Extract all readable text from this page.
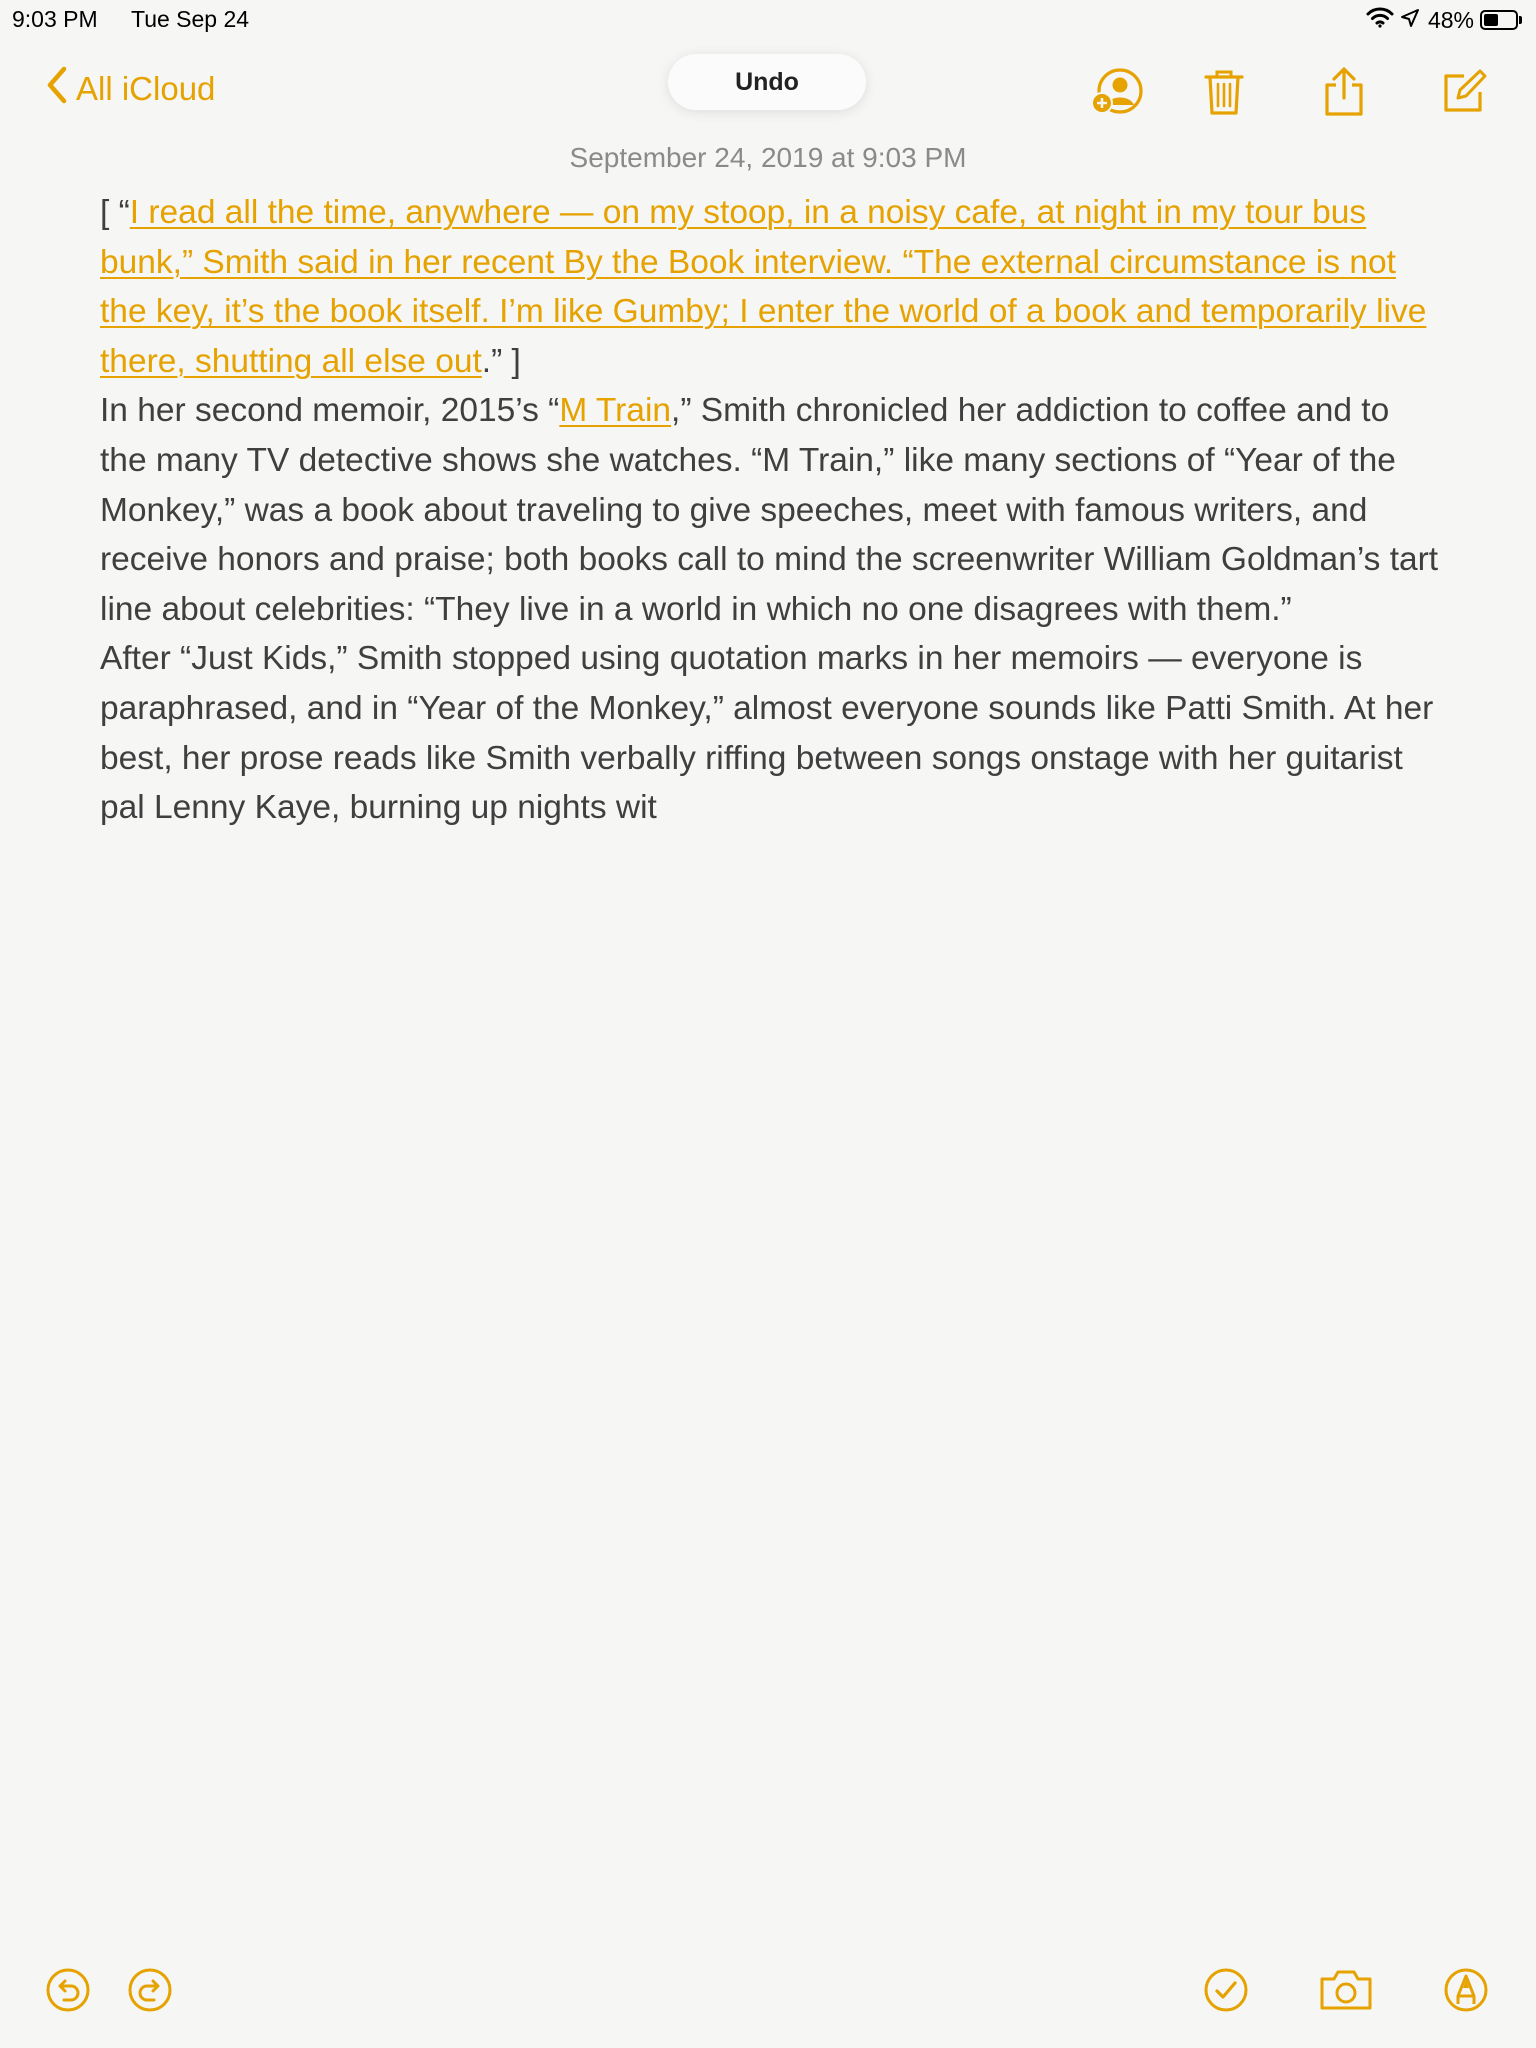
9:03 PM Tue Sep 24	48%
All iCloud	Undo
September 24, 2019 at 9:03 PM

[ “I read all the time, anywhere — on my stoop, in a noisy cafe, at night in my tour bus bunk,” Smith said in her recent By the Book interview. “The external circumstance is not the key, it’s the book itself. I’m like Gumby; I enter the world of a book and temporarily live there, shutting all else out.” ]

In her second memoir, 2015’s “M Train,” Smith chronicled her addiction to coffee and to the many TV detective shows she watches. “M Train,” like many sections of “Year of the Monkey,” was a book about traveling to give speeches, meet with famous writers, and receive honors and praise; both books call to mind the screenwriter William Goldman’s tart line about celebrities: “They live in a world in which no one disagrees with them.”

After “Just Kids,” Smith stopped using quotation marks in her memoirs — everyone is paraphrased, and in “Year of the Monkey,” almost everyone sounds like Patti Smith. At her best, her prose reads like Smith verbally riffing between songs onstage with her guitarist pal Lenny Kaye, burning up nights wit
